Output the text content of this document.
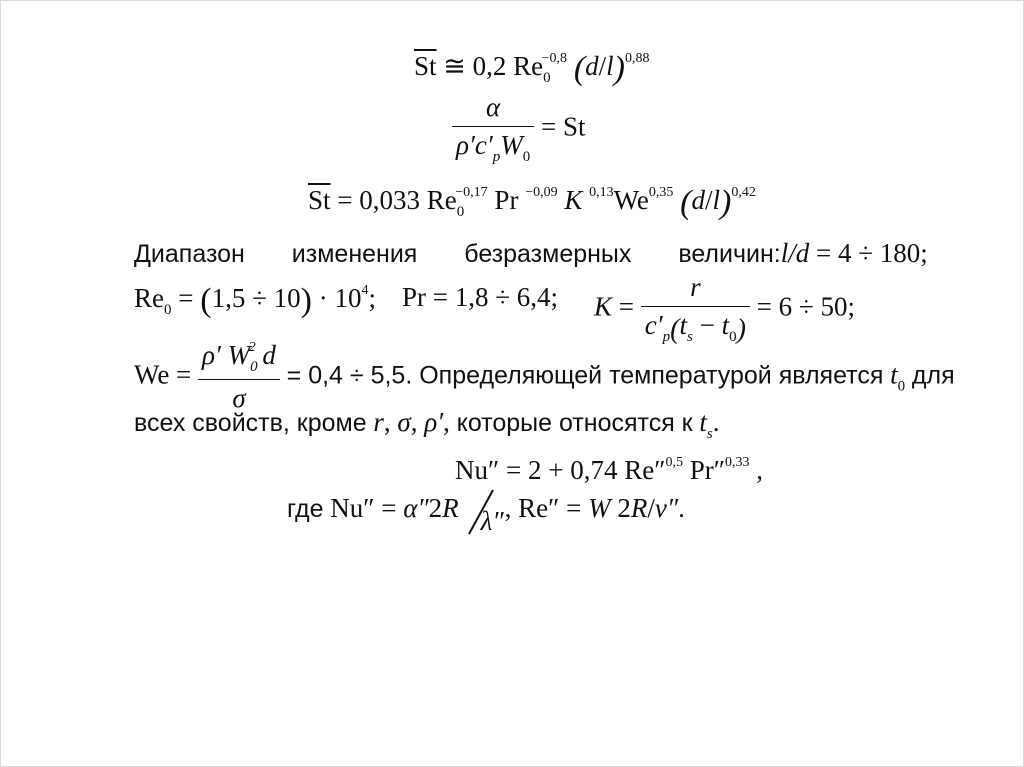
$\overline{St}$ ≅ 0,2 $Re_0^{-0,8}$ $(d/l)^{0,88}$
$\frac{\alpha}{\rho'c'_pW_0} = St$
$\overline{St} = 0,033$ $Re_0^{-0,17}$ Pr $^{-0,09}$ K $^{0,13}$We$^{0,35}$ $(d/l)^{0,42}$
Диапазон изменения безразмерных величин: l/d = 4 ÷ 180;
$Re_0 = (1,5 \div 10) \cdot 10^4$; Pr = 1,8 ÷ 6,4; $K = \frac{r}{c'_p(t_s - t_0)} = 6 \div 50$;
$We = \frac{\rho' W_0^2 d}{\sigma} = 0,4 \div 5,5$. Определяющей температурой является $t_0$ для
всех свойств, кроме r, σ, ρ′, которые относятся к $t_s$.
Nu″ = 2 + 0,74 Re″$^{0,5}$ Pr″$^{0,33}$ ,
где Nu″ = α″2R λ″ , Re″ = W 2R/ν″.
